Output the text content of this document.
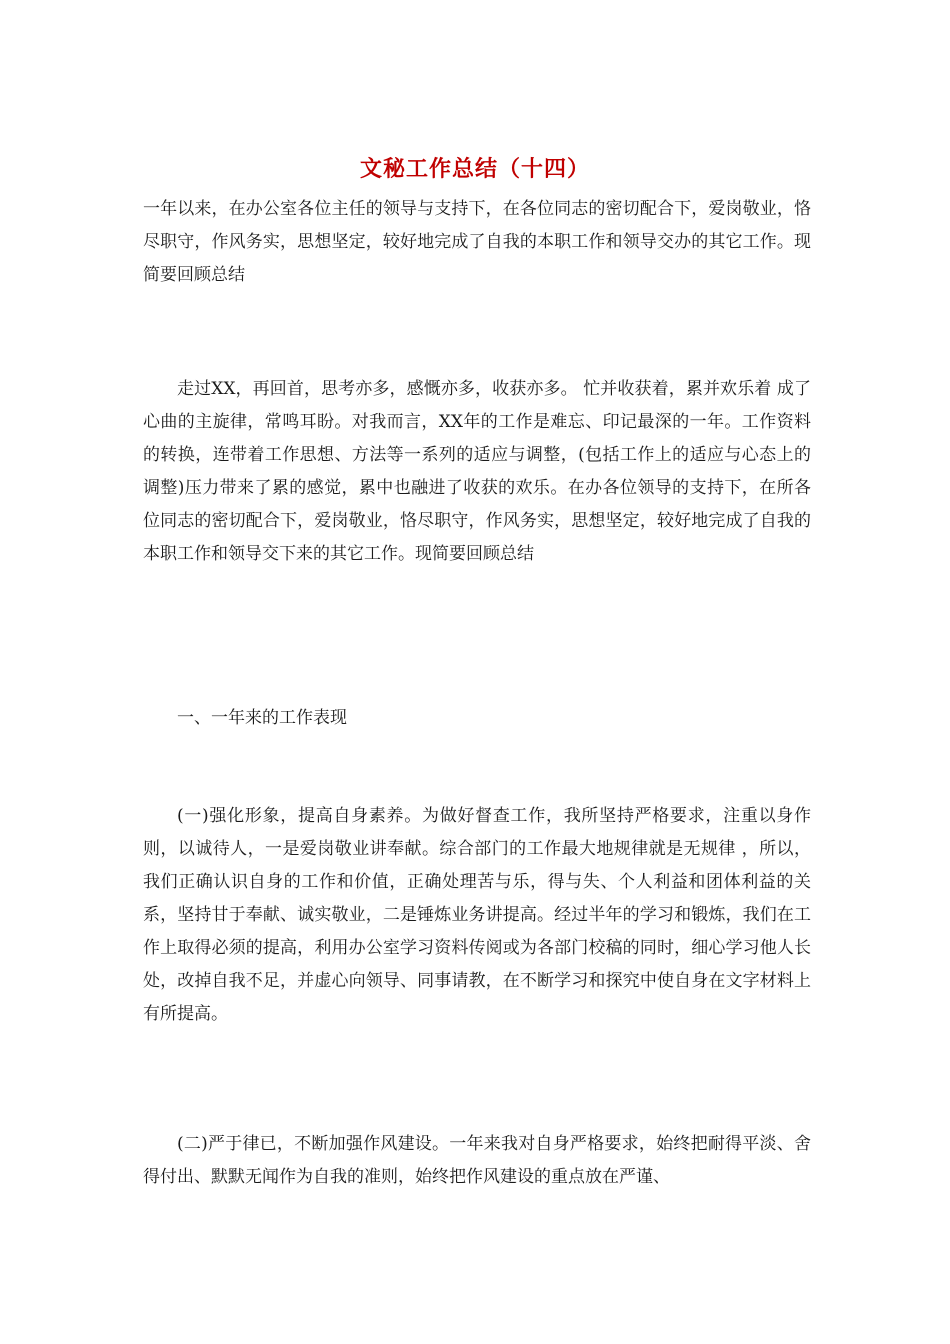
文秘工作总结（十四）

一年以来，在办公室各位主任的领导与支持下，在各位同志的密切配合下，爱岗敬业，恪尽职守，作风务实，思想坚定，较好地完成了自我的本职工作和领导交办的其它工作。现简要回顾总结

走过XX，再回首，思考亦多，感慨亦多，收获亦多。 忙并收获着，累并欢乐着 成了心曲的主旋律，常鸣耳盼。对我而言，XX年的工作是难忘、印记最深的一年。工作资料的转换，连带着工作思想、方法等一系列的适应与调整，(包括工作上的适应与心态上的调整)压力带来了累的感觉，累中也融进了收获的欢乐。在办各位领导的支持下，在所各位同志的密切配合下，爱岗敬业，恪尽职守，作风务实，思想坚定，较好地完成了自我的本职工作和领导交下来的其它工作。现简要回顾总结

一、一年来的工作表现

(一)强化形象，提高自身素养。为做好督查工作，我所坚持严格要求，注重以身作则，以诚待人，一是爱岗敬业讲奉献。综合部门的工作最大地规律就是无规律 ，所以，我们正确认识自身的工作和价值，正确处理苦与乐，得与失、个人利益和团体利益的关系，坚持甘于奉献、诚实敬业，二是锤炼业务讲提高。经过半年的学习和锻炼，我们在工作上取得必须的提高，利用办公室学习资料传阅或为各部门校稿的同时，细心学习他人长处，改掉自我不足，并虚心向领导、同事请教，在不断学习和探究中使自身在文字材料上有所提高。

(二)严于律已，不断加强作风建设。一年来我对自身严格要求，始终把耐得平淡、舍得付出、默默无闻作为自我的准则，始终把作风建设的重点放在严谨、
